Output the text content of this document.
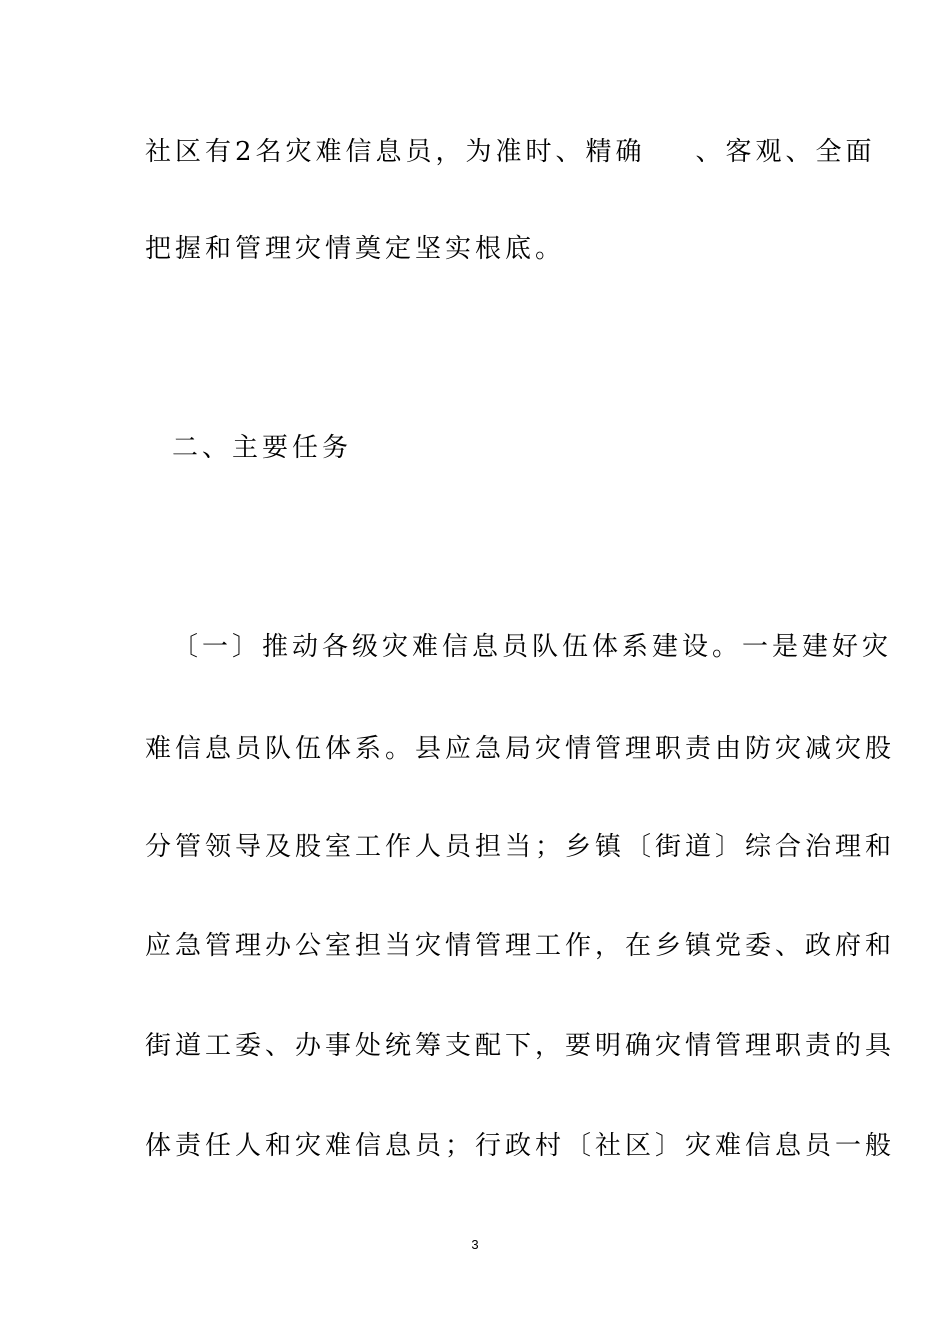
社区有2名灾难信息员，为准时、精确 、客观、全面
把握和管理灾情奠定坚实根底。
二、主要任务
〔一〕推动各级灾难信息员队伍体系建设。一是建好灾
难信息员队伍体系。县应急局灾情管理职责由防灾减灾股
分管领导及股室工作人员担当；乡镇〔街道〕综合治理和
应急管理办公室担当灾情管理工作，在乡镇党委、政府和
街道工委、办事处统筹支配下，要明确灾情管理职责的具
体责任人和灾难信息员；行政村〔社区〕灾难信息员一般
3
